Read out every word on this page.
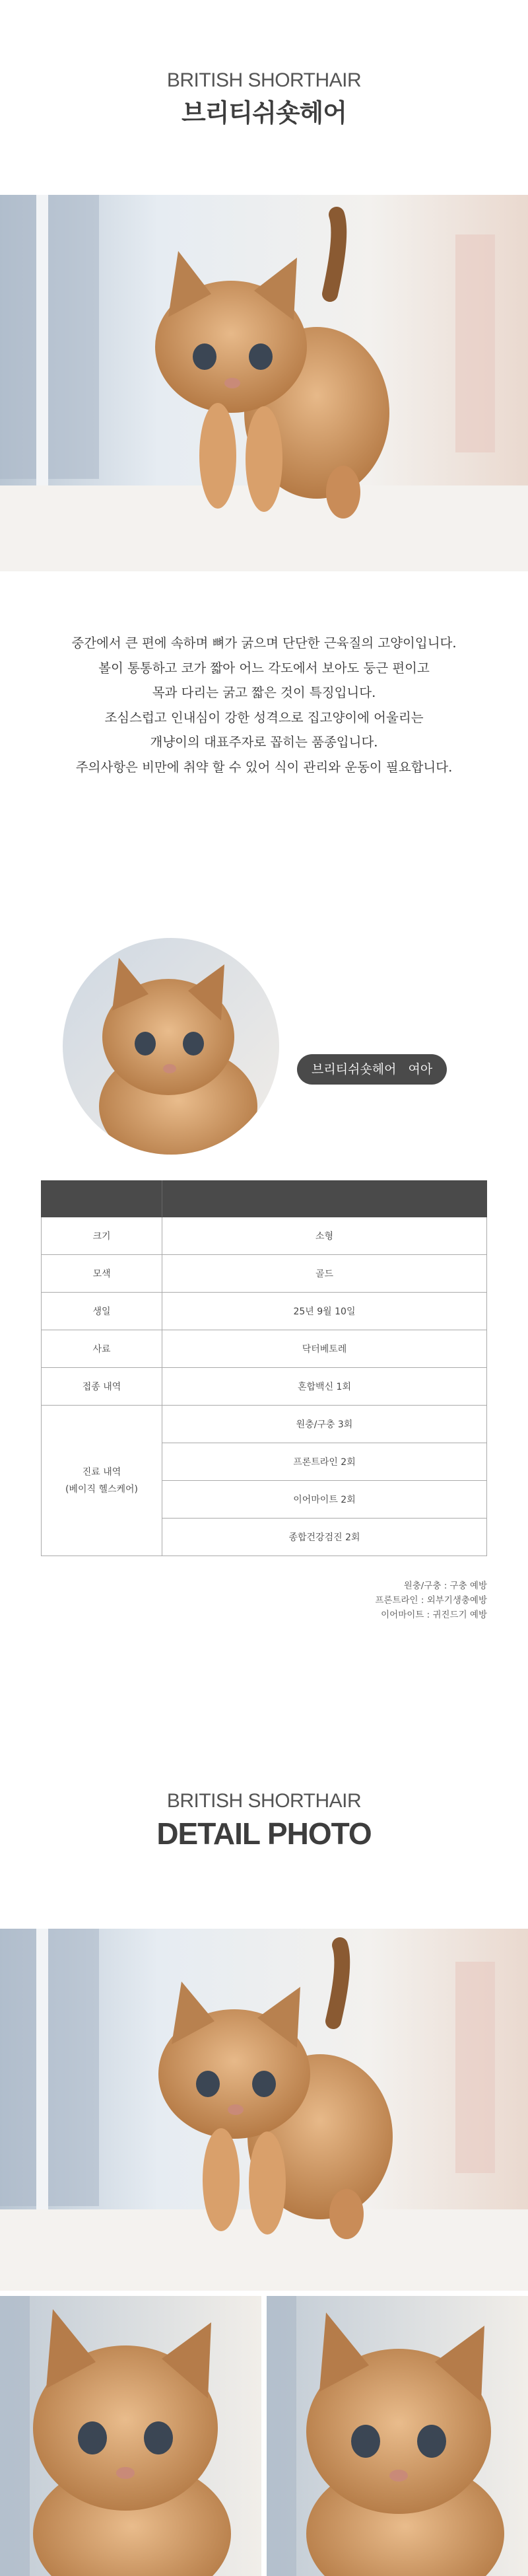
BRITISH SHORTHAIR
브리티쉬숏헤어

중간에서 큰 편에 속하며 뼈가 굵으며 단단한 근육질의 고양이입니다.

볼이 통통하고 코가 짧아 어느 각도에서 보아도 둥근 편이고

목과 다리는 굵고 짧은 것이 특징입니다.

조심스럽고 인내심이 강한 성격으로 집고양이에 어울리는

개냥이의 대표주자로 꼽히는 품종입니다.

주의사항은 비만에 취약 할 수 있어 식이 관리와 운동이 필요합니다.

브리티쉬숏헤어 여아

크기	소형
모색	골드
생일	25년 9월 10일
사료	닥터베토레
접종 내역	혼합백신 1회

진료 내역
(베이직 헬스케어)	원충/구충 3회
	프론트라인 2회
	이어마이트 2회
	종합건강검진 2회
원충/구충 : 구충 예방
프론트라인 : 외부기생충예방
이어마이트 : 귀진드기 예방
BRITISH SHORTHAIR
DETAIL PHOTO
